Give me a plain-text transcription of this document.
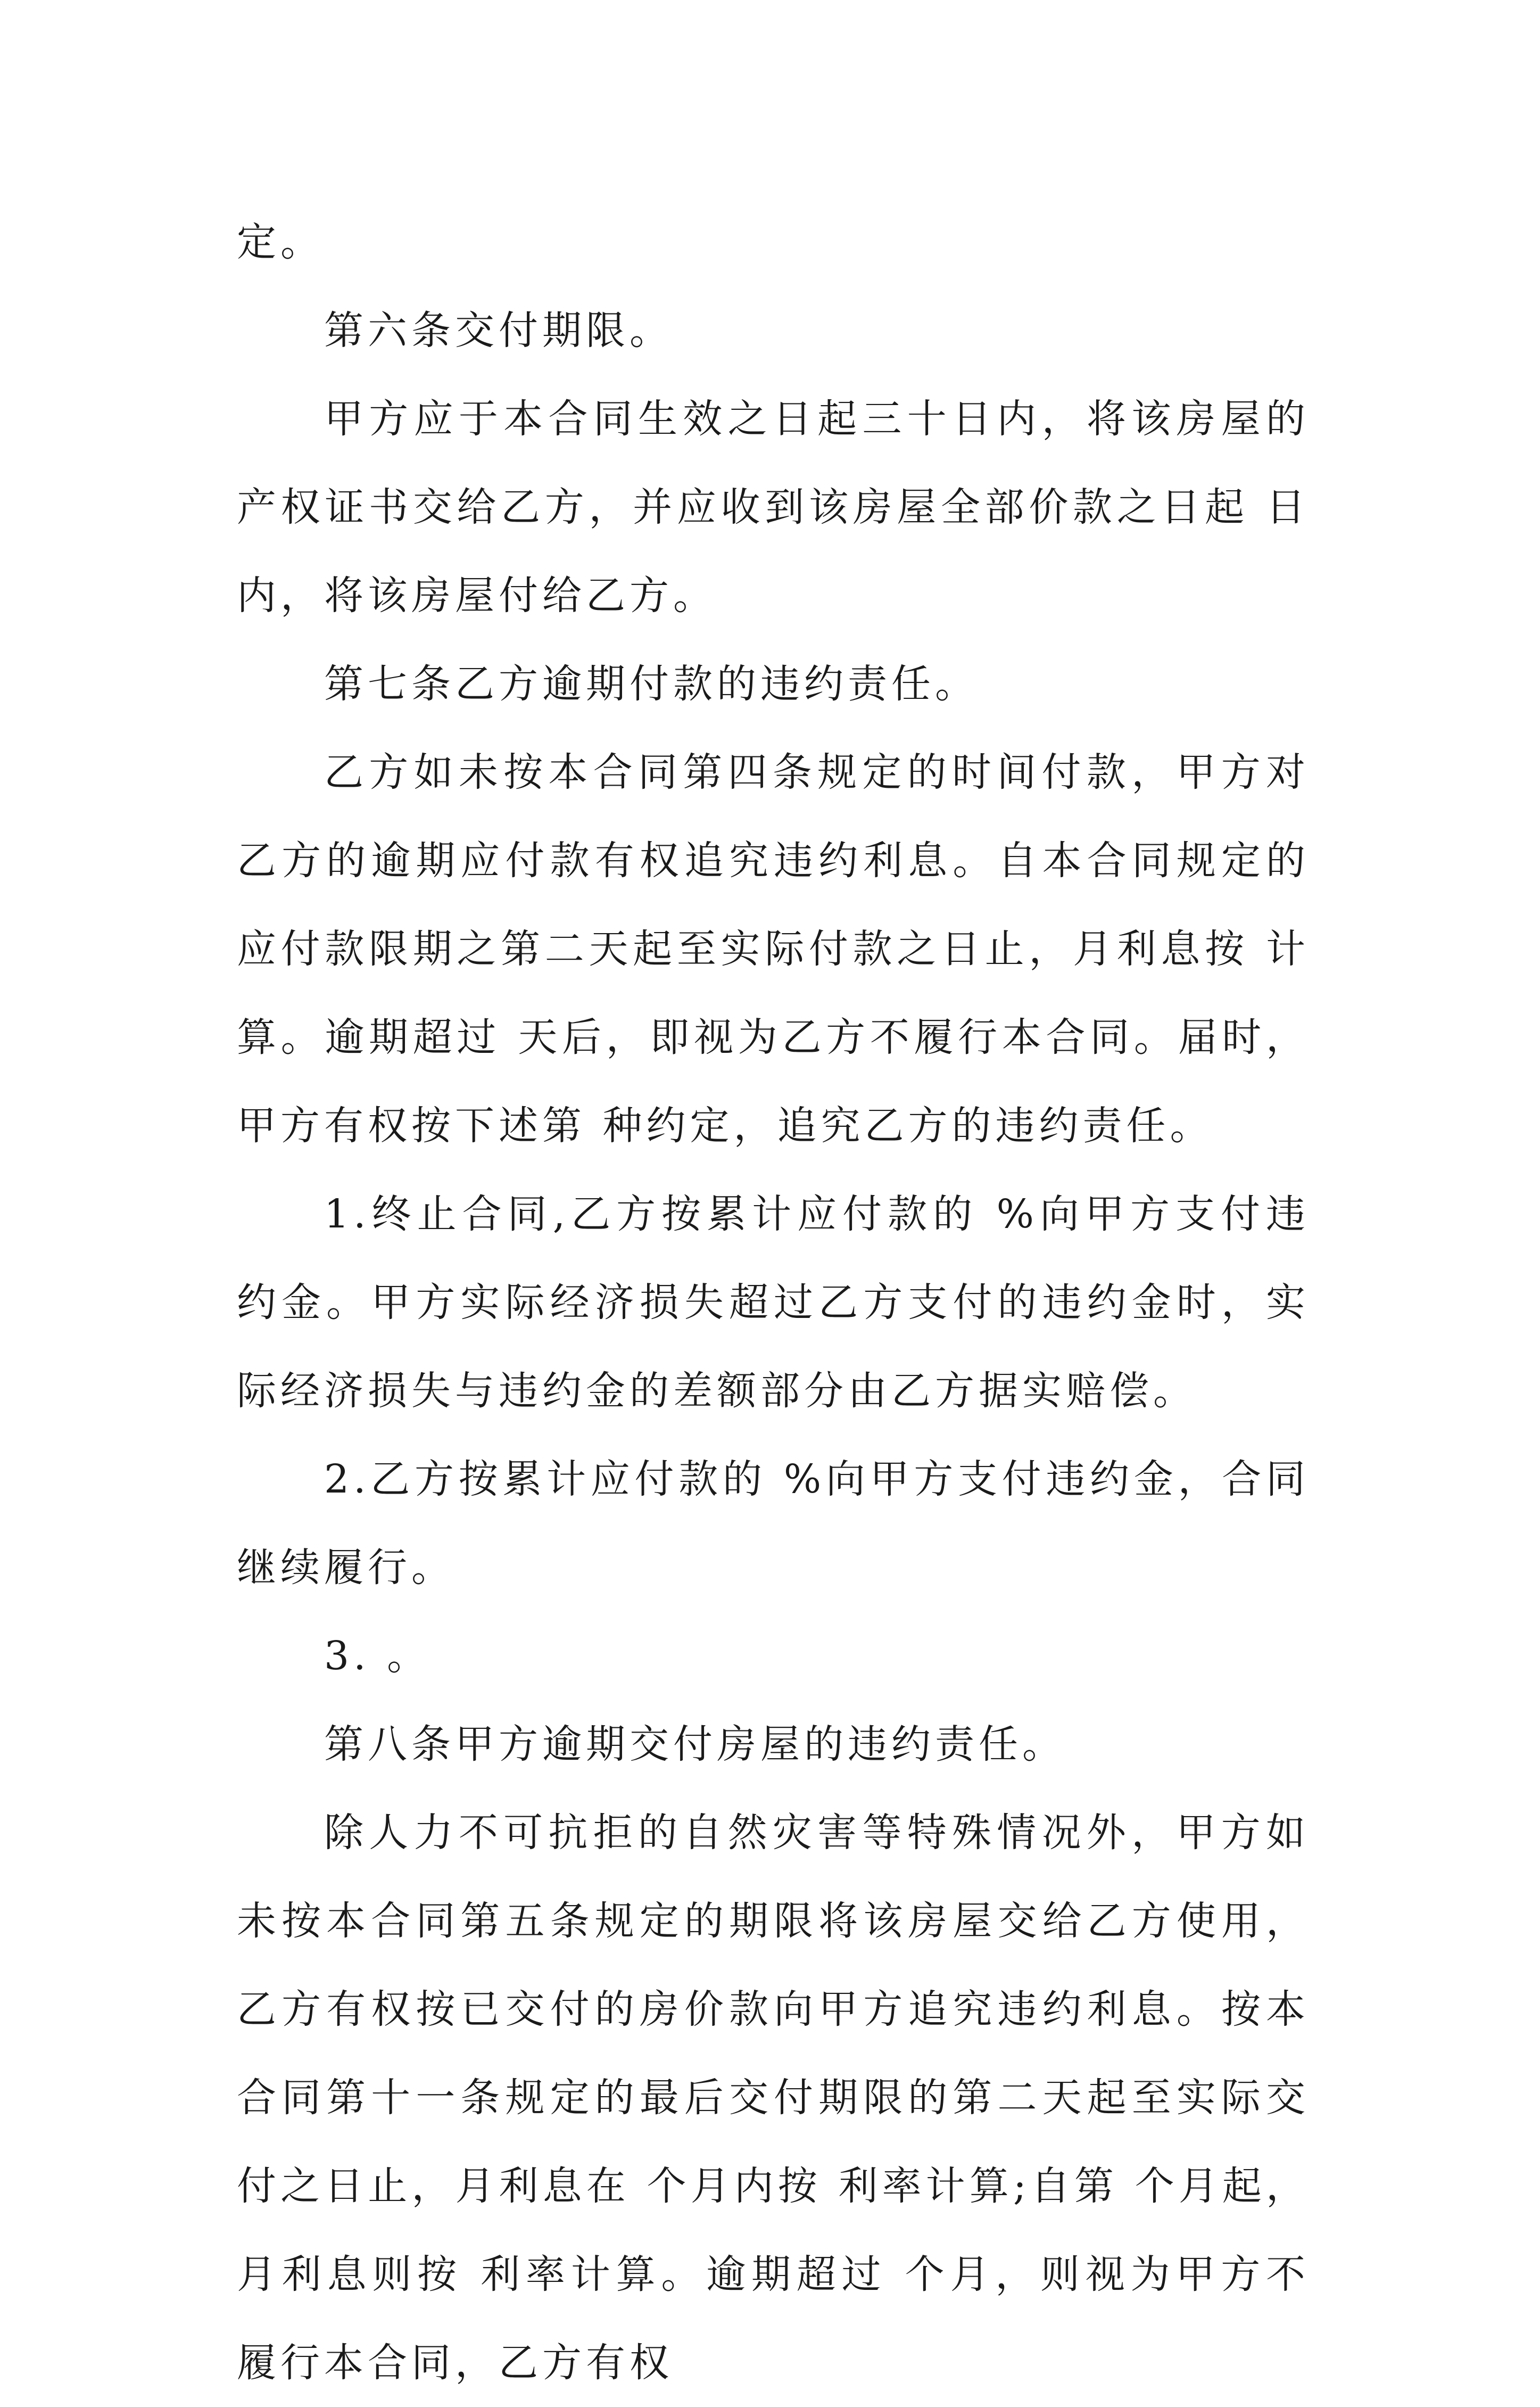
定。

第六条交付期限。

甲方应于本合同生效之日起三十日内，将该房屋的产权证书交给乙方，并应收到该房屋全部价款之日起 日内，将该房屋付给乙方。

第七条乙方逾期付款的违约责任。

乙方如未按本合同第四条规定的时间付款，甲方对乙方的逾期应付款有权追究违约利息。自本合同规定的应付款限期之第二天起至实际付款之日止，月利息按 计算。逾期超过 天后，即视为乙方不履行本合同。届时，甲方有权按下述第 种约定，追究乙方的违约责任。

1.终止合同,乙方按累计应付款的 %向甲方支付违约金。甲方实际经济损失超过乙方支付的违约金时，实际经济损失与违约金的差额部分由乙方据实赔偿。

2.乙方按累计应付款的 %向甲方支付违约金，合同继续履行。

3. 。

第八条甲方逾期交付房屋的违约责任。

除人力不可抗拒的自然灾害等特殊情况外，甲方如未按本合同第五条规定的期限将该房屋交给乙方使用，乙方有权按已交付的房价款向甲方追究违约利息。按本合同第十一条规定的最后交付期限的第二天起至实际交付之日止，月利息在 个月内按 利率计算;自第 个月起，月利息则按 利率计算。逾期超过 个月，则视为甲方不履行本合同，乙方有权
